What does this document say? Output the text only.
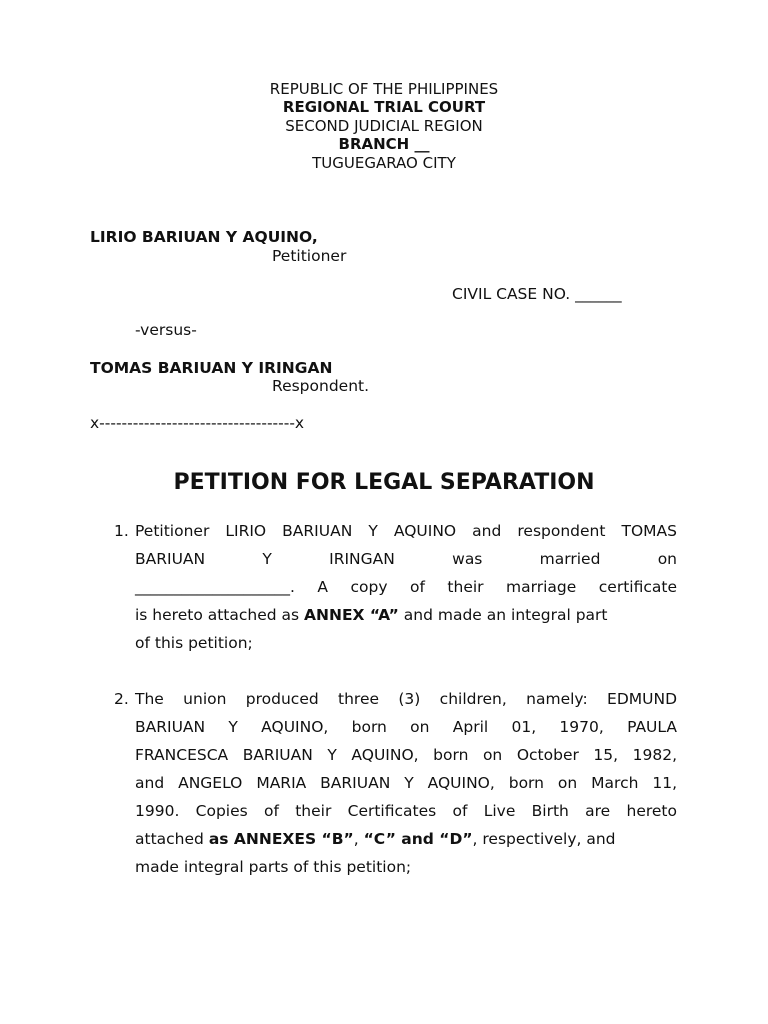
REPUBLIC OF THE PHILIPPINES
REGIONAL TRIAL COURT
SECOND JUDICIAL REGION
BRANCH __
TUGUEGARAO CITY
LIRIO BARIUAN Y AQUINO,
Petitioner
CIVIL CASE NO. ______
-versus-
TOMAS BARIUAN Y IRINGAN
Respondent.
x-----------------------------------x
PETITION FOR LEGAL SEPARATION
1. Petitioner LIRIO BARIUAN Y AQUINO and respondent TOMAS
BARIUAN Y IRINGAN was married on
____________________. A copy of their marriage certificate
is hereto attached as ANNEX “A” and made an integral part
of this petition;
2. The union produced three (3) children, namely: EDMUND
BARIUAN Y AQUINO, born on April 01, 1970, PAULA
FRANCESCA BARIUAN Y AQUINO, born on October 15, 1982,
and ANGELO MARIA BARIUAN Y AQUINO, born on March 11,
1990. Copies of their Certificates of Live Birth are hereto
attached as ANNEXES “B”, “C” and “D”, respectively, and
made integral parts of this petition;
